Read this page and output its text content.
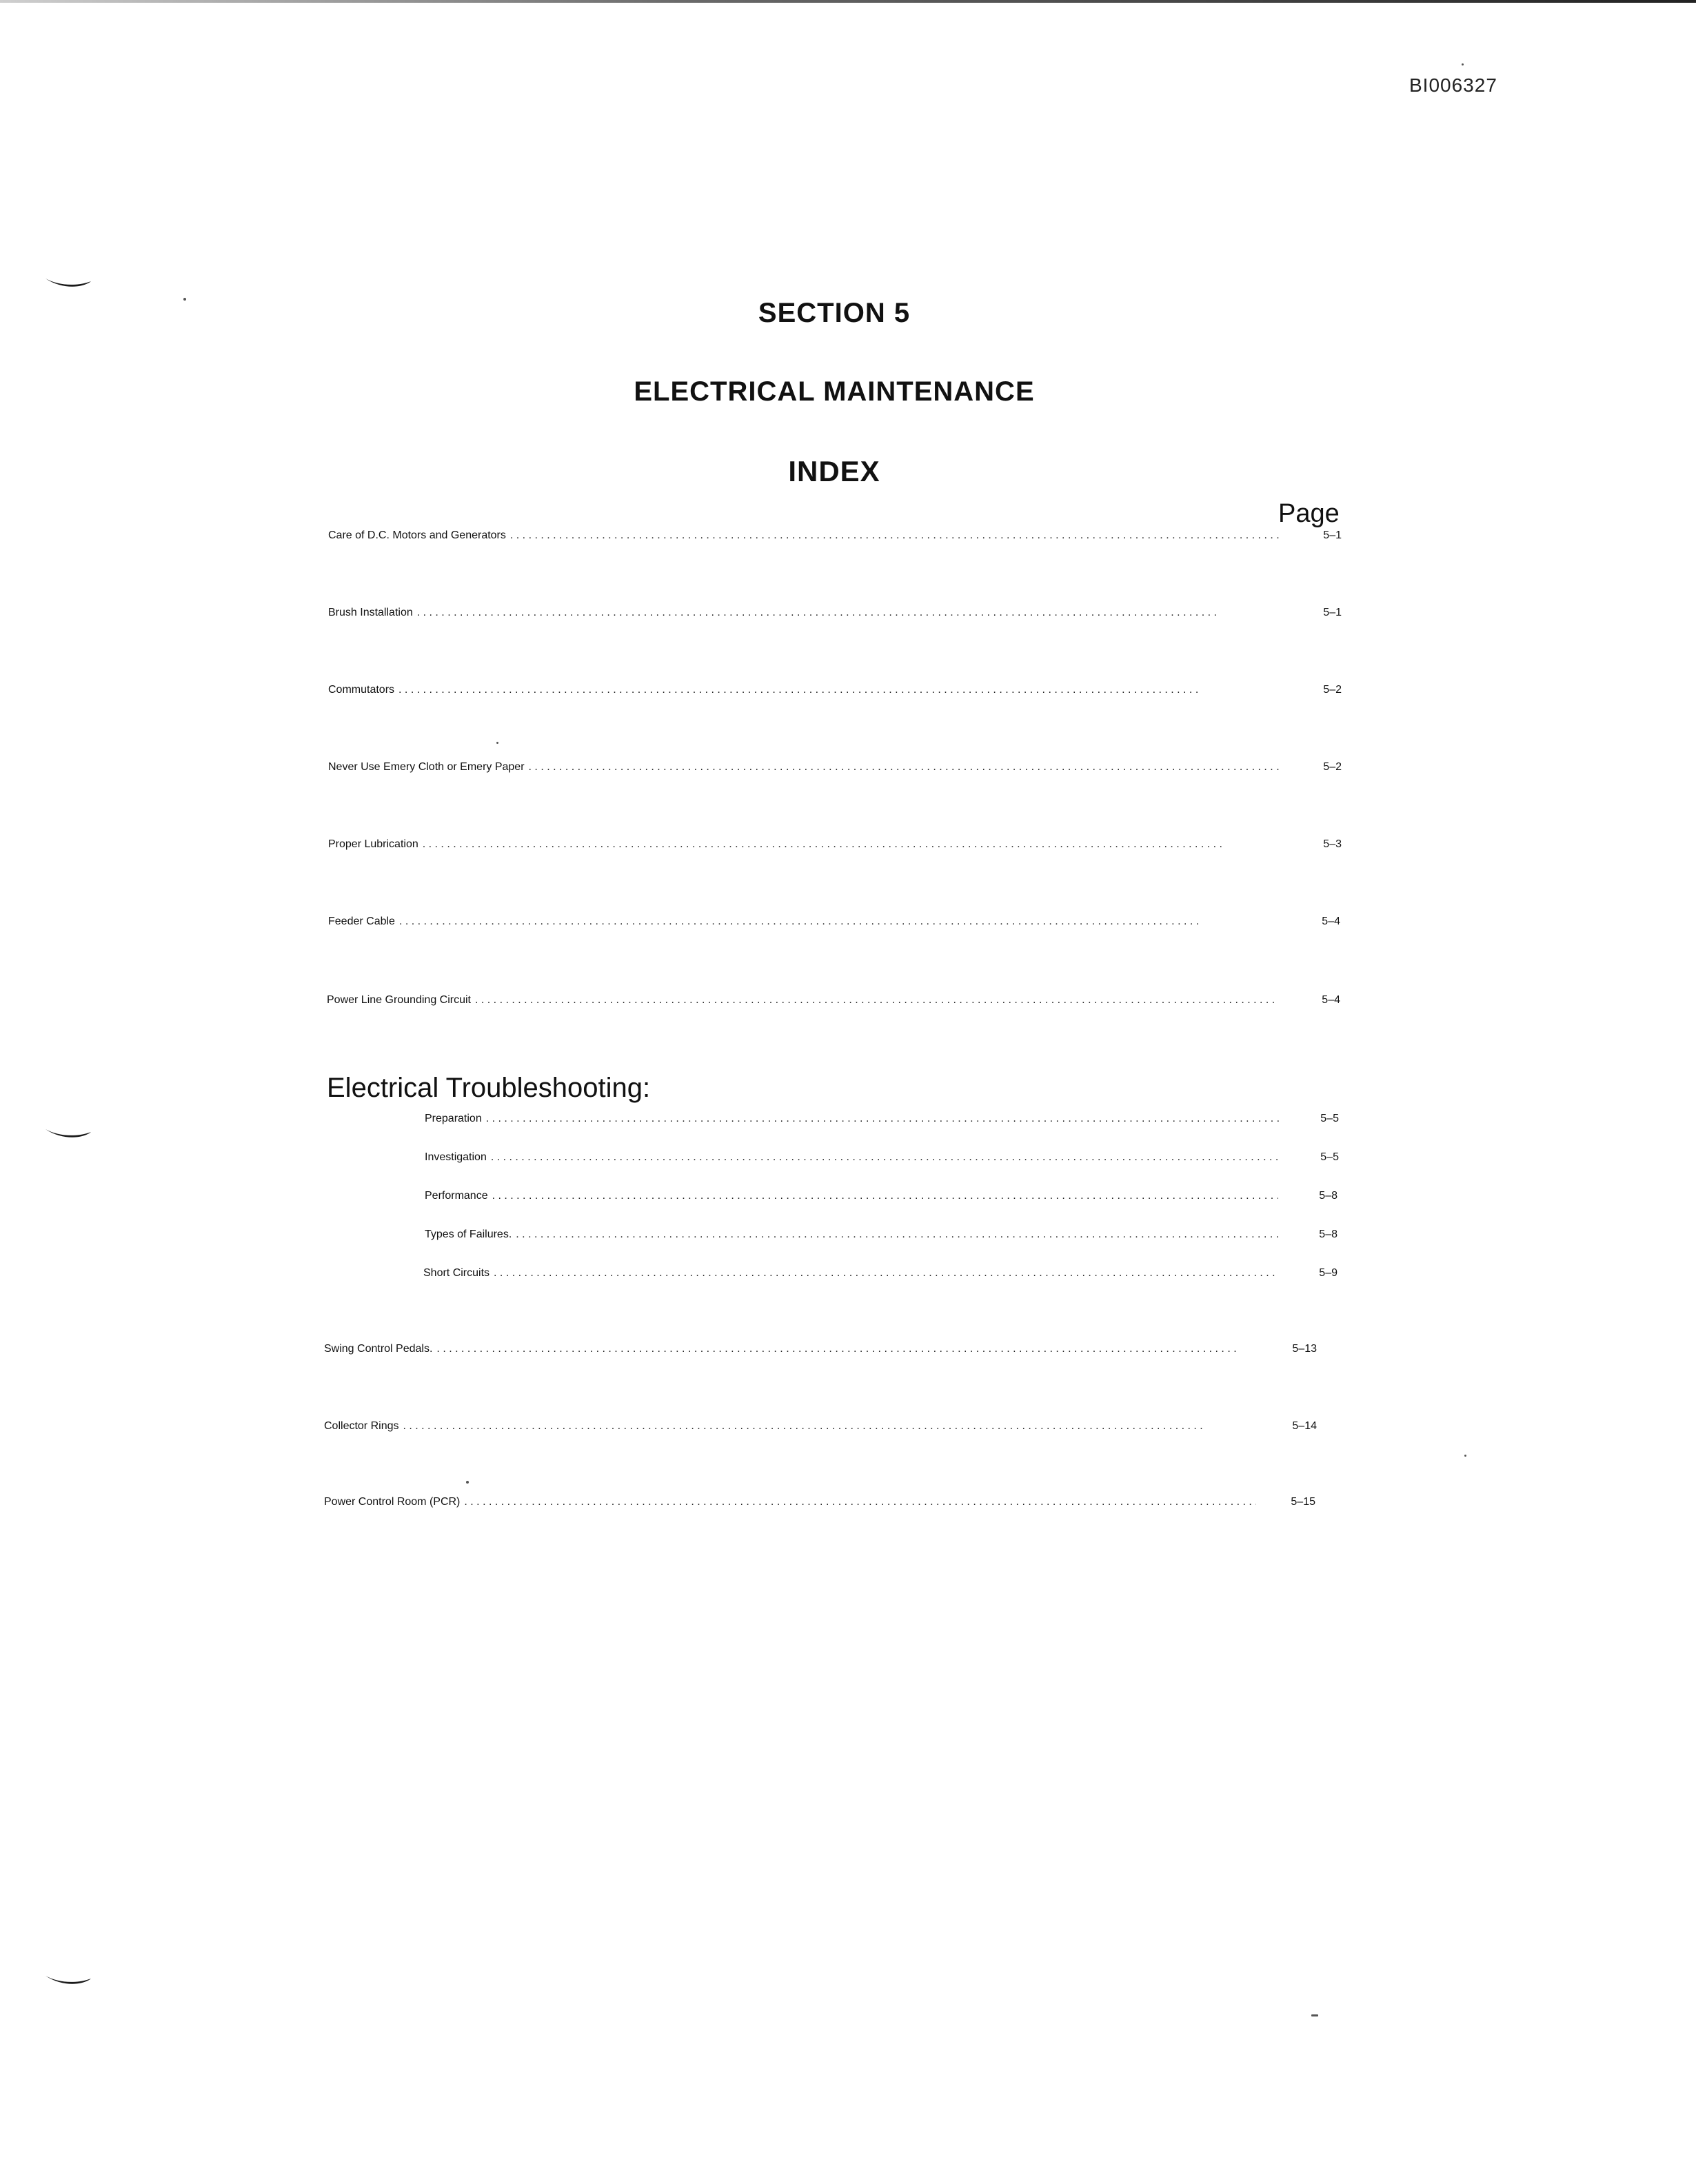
BI006327
SECTION 5
ELECTRICAL MAINTENANCE
INDEX
Page
Care of D.C. Motors and Generators . . .	5–1
Brush Installation . . .	5–1
Commutators . . .	5–2
Never Use Emery Cloth or Emery Paper . . .	5–2
Proper Lubrication . . .	5–3
Feeder Cable . . .	5–4
Power Line Grounding Circuit . . .	5–4
Electrical Troubleshooting:
Preparation . . .	5–5
Investigation . . .	5–5
Performance . . .	5–8
Types of Failures. . . .	5–8
Short Circuits . . .	5–9
Swing Control Pedals. . . .	5–13
Collector Rings . . .	5–14
Power Control Room (PCR) . . .	5–15
